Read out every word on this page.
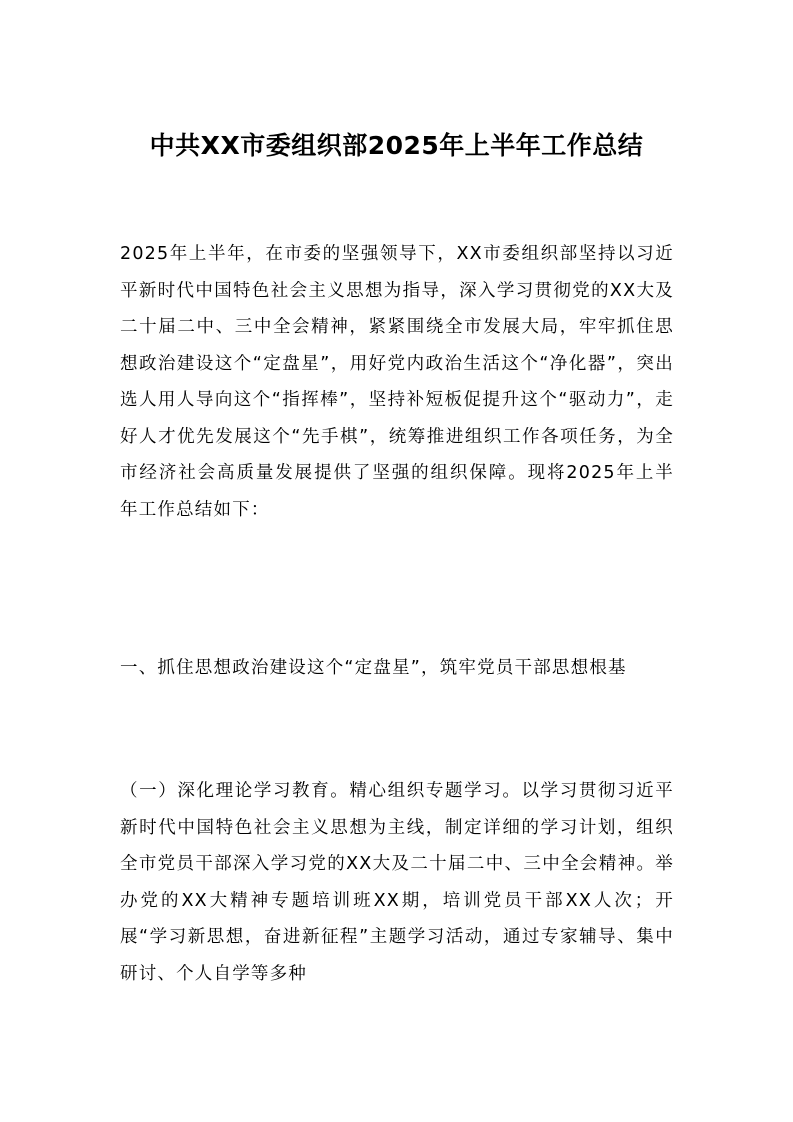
中共XX市委组织部2025年上半年工作总结

2025年上半年，在市委的坚强领导下，XX市委组织部坚持以习近平新时代中国特色社会主义思想为指导，深入学习贯彻党的XX大及二十届二中、三中全会精神，紧紧围绕全市发展大局，牢牢抓住思想政治建设这个“定盘星”，用好党内政治生活这个“净化器”，突出选人用人导向这个“指挥棒”，坚持补短板促提升这个“驱动力”，走好人才优先发展这个“先手棋”，统筹推进组织工作各项任务，为全市经济社会高质量发展提供了坚强的组织保障。现将2025年上半年工作总结如下：

一、抓住思想政治建设这个“定盘星”，筑牢党员干部思想根基

（一）深化理论学习教育。精心组织专题学习。以学习贯彻习近平新时代中国特色社会主义思想为主线，制定详细的学习计划，组织全市党员干部深入学习党的XX大及二十届二中、三中全会精神。举办党的XX大精神专题培训班XX期，培训党员干部XX人次；开展“学习新思想，奋进新征程”主题学习活动，通过专家辅导、集中研讨、个人自学等多种
